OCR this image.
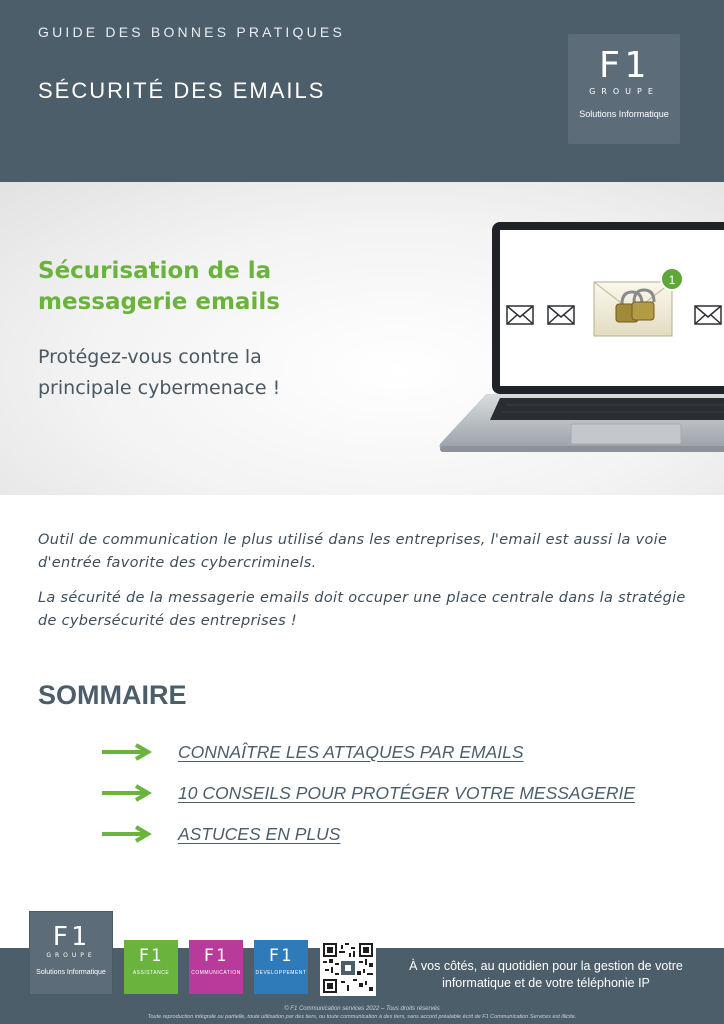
GUIDE DES BONNES PRATIQUES
SÉCURITÉ DES EMAILS
F1
GROUPE
Solutions Informatique
Sécurisation de la messagerie emails
Protégez-vous contre la principale cybermenace !
1

Outil de communication le plus utilisé dans les entreprises, l'email est aussi la voie d'entrée favorite des cybercriminels.

La sécurité de la messagerie emails doit occuper une place centrale dans la stratégie de cybersécurité des entreprises !

SOMMAIRE
CONNAÎTRE LES ATTAQUES PAR EMAILS
10 CONSEILS POUR PROTÉGER VOTRE MESSAGERIE
ASTUCES EN PLUS
F1
GROUPE
Solutions Informatique
F1
ASSISTANCE
F1
COMMUNICATION
F1
DEVELOPPEMENT	À vos côtés, au quotidien pour la gestion de votre informatique et de votre téléphonie IP
© F1 Communication services 2022 – Tous droits réservés
Toute reproduction intégrale ou partielle, toute utilisation par des tiers, ou toute communication à des tiers, sans accord préalable écrit de F1 Communication Services est illicite.
